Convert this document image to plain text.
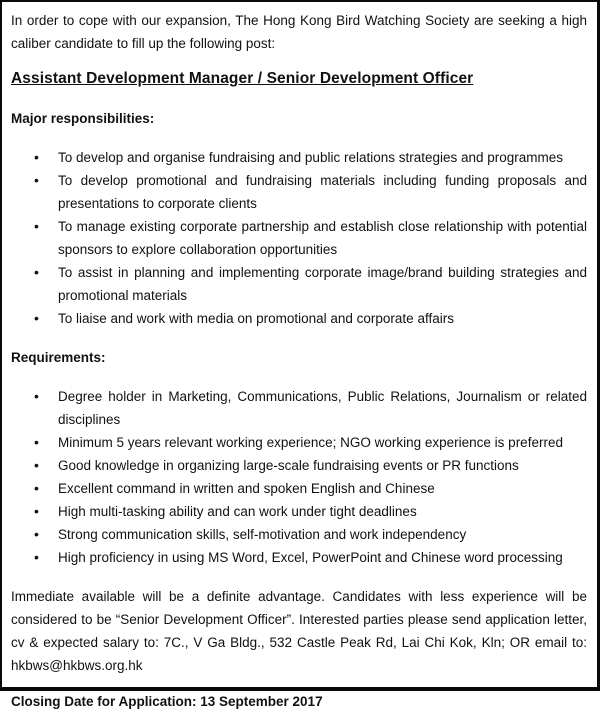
In order to cope with our expansion, The Hong Kong Bird Watching Society are seeking a high caliber candidate to fill up the following post:

Assistant Development Manager / Senior Development Officer

Major responsibilities:

• To develop and organise fundraising and public relations strategies and programmes
• To develop promotional and fundraising materials including funding proposals and presentations to corporate clients
• To manage existing corporate partnership and establish close relationship with potential sponsors to explore collaboration opportunities
• To assist in planning and implementing corporate image/brand building strategies and promotional materials
• To liaise and work with media on promotional and corporate affairs

Requirements:

• Degree holder in Marketing, Communications, Public Relations, Journalism or related disciplines
• Minimum 5 years relevant working experience; NGO working experience is preferred
• Good knowledge in organizing large-scale fundraising events or PR functions
• Excellent command in written and spoken English and Chinese
• High multi-tasking ability and can work under tight deadlines
• Strong communication skills, self-motivation and work independency
• High proficiency in using MS Word, Excel, PowerPoint and Chinese word processing

Immediate available will be a definite advantage. Candidates with less experience will be considered to be “Senior Development Officer”. Interested parties please send application letter, cv & expected salary to: 7C., V Ga Bldg., 532 Castle Peak Rd, Lai Chi Kok, Kln; OR email to: hkbws@hkbws.org.hk

Closing Date for Application: 13 September 2017
